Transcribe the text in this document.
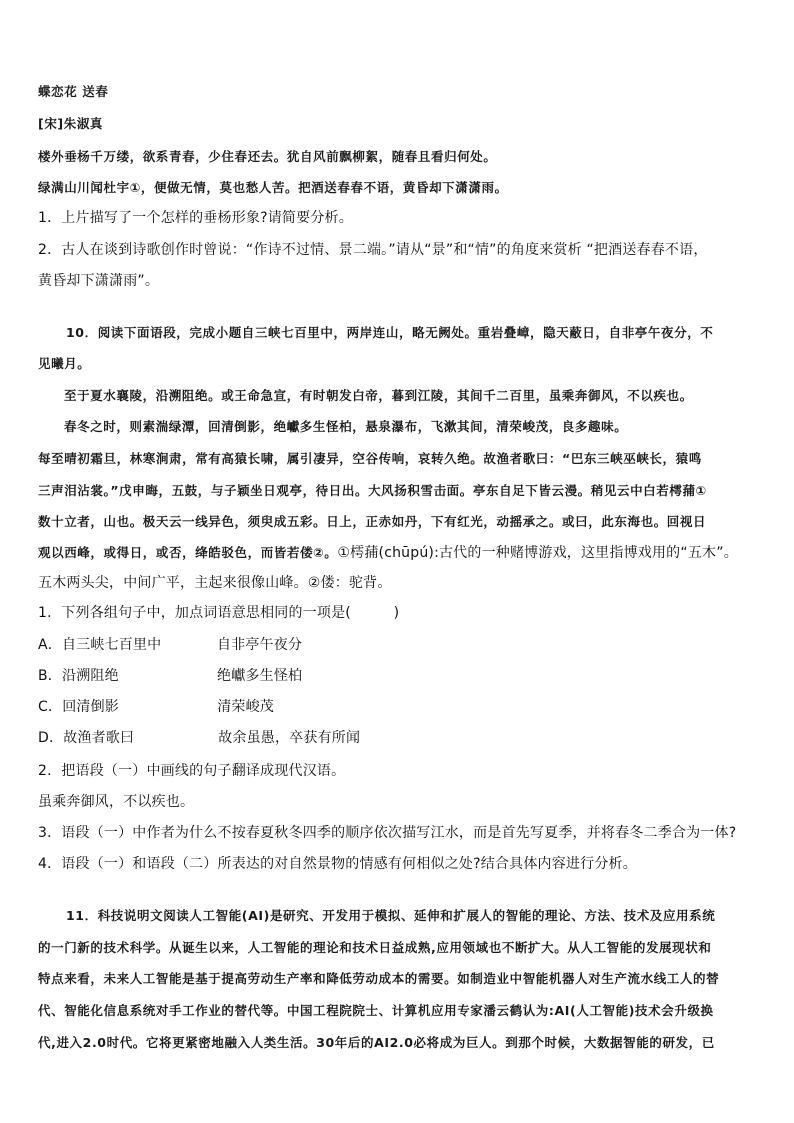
蝶恋花 送春
[宋]朱淑真
楼外垂杨千万缕，欲系青春，少住春还去。犹自风前飘柳絮，随春且看归何处。
绿满山川闻杜宇①，便做无情，莫也愁人苦。把酒送春春不语，黄昏却下潇潇雨。
1．上片描写了一个怎样的垂杨形象?请简要分析。
2．古人在谈到诗歌创作时曾说：“作诗不过情、景二端。”请从“景”和“情”的角度来赏析 “把酒送春春不语，
黄昏却下潇潇雨”。
10．阅读下面语段，完成小题自三峡七百里中，两岸连山，略无阙处。重岩叠嶂，隐天蔽日，自非亭午夜分，不
见曦月。
至于夏水襄陵，沿溯阻绝。或王命急宣，有时朝发白帝，暮到江陵，其间千二百里，虽乘奔御风，不以疾也。
春冬之时，则素湍绿潭，回清倒影，绝巘多生怪柏，悬泉瀑布，飞漱其间，清荣峻茂，良多趣味。
每至晴初霜旦，林寒涧肃，常有高猿长啸，属引凄异，空谷传响，哀转久绝。故渔者歌曰：“巴东三峡巫峡长，猿鸣
三声泪沾裳。”戊申晦，五鼓，与子颖坐日观亭，待日出。大风扬积雪击面。亭东自足下皆云漫。稍见云中白若樗蒱①
数十立者，山也。极天云一线异色，须臾成五彩。日上，正赤如丹，下有红光，动摇承之。或曰，此东海也。回视日
观以西峰，或得日，或否，绛皓驳色，而皆若偻②。①樗蒱(chūpú):古代的一种赌博游戏，这里指博戏用的“五木”。
五木两头尖，中间广平，主起来很像山峰。②偻：驼背。
1．下列各组句子中，加点词语意思相同的一项是(　　　)
A．自三峡七百里中	自非亭午夜分
B．沿溯阻绝	绝巘多生怪柏
C．回清倒影	清荣峻茂
D．故渔者歌曰	故余虽愚，卒获有所闻
2．把语段（一）中画线的句子翻译成现代汉语。
虽乘奔御风，不以疾也。
3．语段（一）中作者为什么不按春夏秋冬四季的顺序依次描写江水，而是首先写夏季，并将春冬二季合为一体?
4．语段（一）和语段（二）所表达的对自然景物的情感有何相似之处?结合具体内容进行分析。
11．科技说明文阅读人工智能(AI)是研究、开发用于模拟、延伸和扩展人的智能的理论、方法、技术及应用系统
的一门新的技术科学。从诞生以来，人工智能的理论和技术日益成熟,应用领域也不断扩大。从人工智能的发展现状和
特点来看，未来人工智能是基于提高劳动生产率和降低劳动成本的需要。如制造业中智能机器人对生产流水线工人的替
代、智能化信息系统对手工作业的替代等。中国工程院院士、计算机应用专家潘云鹤认为:AI(人工智能)技术会升级换
代,进入2.0时代。它将更紧密地融入人类生活。30年后的AI2.0必将成为巨人。到那个时候，大数据智能的研发，已
